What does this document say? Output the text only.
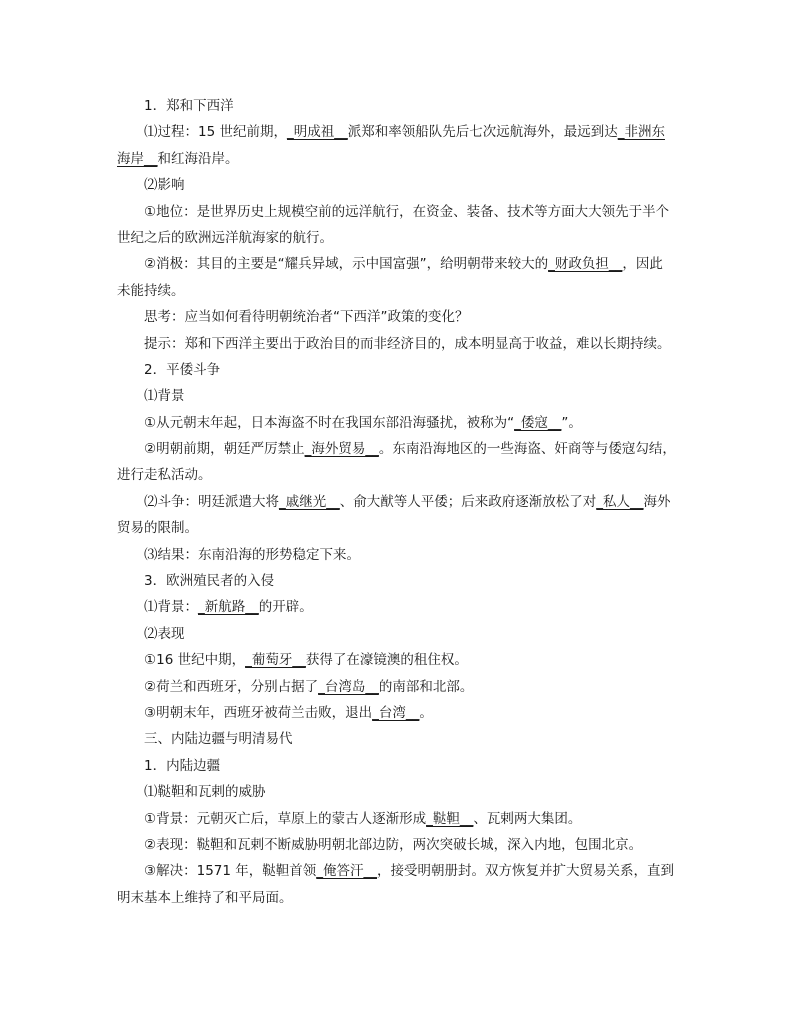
1．郑和下西洋

⑴过程：15 世纪前期，_明成祖__派郑和率领船队先后七次远航海外，最远到达_非洲东

海岸__和红海沿岸。

⑵影响

①地位：是世界历史上规模空前的远洋航行，在资金、装备、技术等方面大大领先于半个

世纪之后的欧洲远洋航海家的航行。

②消极：其目的主要是“耀兵异域，示中国富强”，给明朝带来较大的_财政负担__，因此

未能持续。

思考：应当如何看待明朝统治者“下西洋”政策的变化？

提示：郑和下西洋主要出于政治目的而非经济目的，成本明显高于收益，难以长期持续。

2．平倭斗争

⑴背景

①从元朝末年起，日本海盗不时在我国东部沿海骚扰，被称为“_倭寇__”。

②明朝前期，朝廷严厉禁止_海外贸易__。东南沿海地区的一些海盗、奸商等与倭寇勾结，

进行走私活动。

⑵斗争：明廷派遣大将_戚继光__、俞大猷等人平倭；后来政府逐渐放松了对_私人__海外

贸易的限制。

⑶结果：东南沿海的形势稳定下来。

3．欧洲殖民者的入侵

⑴背景：_新航路__的开辟。

⑵表现

①16 世纪中期，_葡萄牙__获得了在濠镜澳的租住权。

②荷兰和西班牙，分别占据了_台湾岛__的南部和北部。

③明朝末年，西班牙被荷兰击败，退出_台湾__。

三、内陆边疆与明清易代

1．内陆边疆

⑴鞑靼和瓦剌的威胁

①背景：元朝灭亡后，草原上的蒙古人逐渐形成_鞑靼__、瓦剌两大集团。

②表现：鞑靼和瓦剌不断威胁明朝北部边防，两次突破长城，深入内地，包围北京。

③解决：1571 年，鞑靼首领_俺答汗__，接受明朝册封。双方恢复并扩大贸易关系，直到

明末基本上维持了和平局面。
